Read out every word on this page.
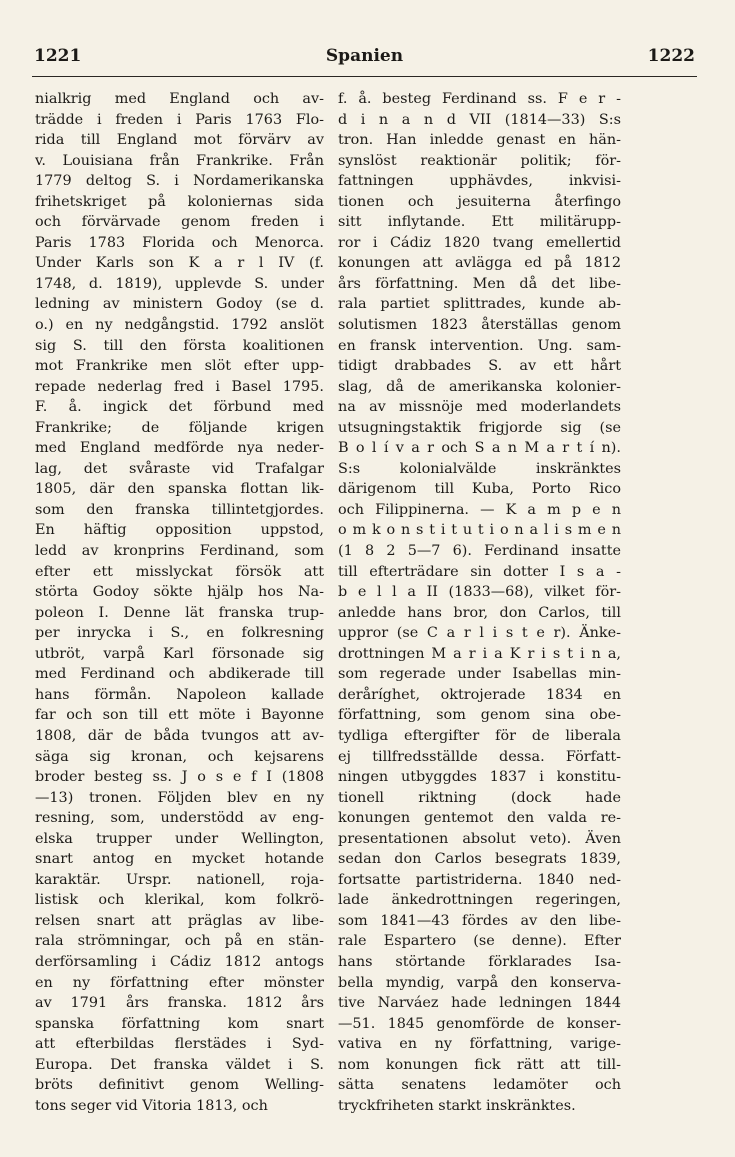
1221	Spanien	1222
nialkrig med England och av-
trädde i freden i Paris 1763 Flo-
rida till England mot förvärv av
v. Louisiana från Frankrike. Från
1779 deltog S. i Nordamerikanska
frihetskriget på koloniernas sida
och förvärvade genom freden i
Paris 1783 Florida och Menorca.
Under Karls son K a r l IV (f.
1748, d. 1819), upplevde S. under
ledning av ministern Godoy (se d.
o.) en ny nedgångstid. 1792 anslöt
sig S. till den första koalitionen
mot Frankrike men slöt efter upp-
repade nederlag fred i Basel 1795.
F. å. ingick det förbund med
Frankrike; de följande krigen
med England medförde nya neder-
lag, det svåraste vid Trafalgar
1805, där den spanska flottan lik-
som den franska tillintetgjordes.
En häftig opposition uppstod,
ledd av kronprins Ferdinand, som
efter ett misslyckat försök att
störta Godoy sökte hjälp hos Na-
poleon I. Denne lät franska trup-
per inrycka i S., en folkresning
utbröt, varpå Karl försonade sig
med Ferdinand och abdikerade till
hans förmån. Napoleon kallade
far och son till ett möte i Bayonne
1808, där de båda tvungos att av-
säga sig kronan, och kejsarens
broder besteg ss. J o s e f I (1808
—13) tronen. Följden blev en ny
resning, som, understödd av eng-
elska trupper under Wellington,
snart antog en mycket hotande
karaktär. Urspr. nationell, roja-
listisk och klerikal, kom folkrö-
relsen snart att präglas av libe-
rala strömningar, och på en stän-
derförsamling i Cádiz 1812 antogs
en ny författning efter mönster
av 1791 års franska. 1812 års
spanska författning kom snart
att efterbildas flerstädes i Syd-
Europa. Det franska väldet i S.
bröts definitivt genom Welling-
tons seger vid Vitoria 1813, och
f. å. besteg Ferdinand ss. F e r -
d i n a n d VII (1814—33) S:s
tron. Han inledde genast en hän-
synslöst reaktionär politik; för-
fattningen upphävdes, inkvisi-
tionen och jesuiterna återfingo
sitt inflytande. Ett militärupp-
ror i Cádiz 1820 tvang emellertid
konungen att avlägga ed på 1812
års författning. Men då det libe-
rala partiet splittrades, kunde ab-
solutismen 1823 återställas genom
en fransk intervention. Ung. sam-
tidigt drabbades S. av ett hårt
slag, då de amerikanska kolonier-
na av missnöje med moderlandets
utsugningstaktik frigjorde sig (se
B o l í v a r och S a n M a r t í n).
S:s kolonialvälde inskränktes
därigenom till Kuba, Porto Rico
och Filippinerna. — K a m p e n
o m k o n s t i t u t i o n a l i s m e n
(1 8 2 5—7 6). Ferdinand insatte
till efterträdare sin dotter I s a -
b e l l a II (1833—68), vilket för-
anledde hans bror, don Carlos, till
uppror (se C a r l i s t e r). Änke-
drottningen M a r i a K r i s t i n a,
som regerade under Isabellas min-
deråríghet, oktrojerade 1834 en
författning, som genom sina obe-
tydliga eftergifter för de liberala
ej tillfredsställde dessa. Författ-
ningen utbyggdes 1837 i konstitu-
tionell riktning (dock hade
konungen gentemot den valda re-
presentationen absolut veto). Även
sedan don Carlos besegrats 1839,
fortsatte partistriderna. 1840 ned-
lade änkedrottningen regeringen,
som 1841—43 fördes av den libe-
rale Espartero (se denne). Efter
hans störtande förklarades Isa-
bella myndig, varpå den konserva-
tive Narváez hade ledningen 1844
—51. 1845 genomförde de konser-
vativa en ny författning, varige-
nom konungen fick rätt att till-
sätta senatens ledamöter och
tryckfriheten starkt inskränktes.
